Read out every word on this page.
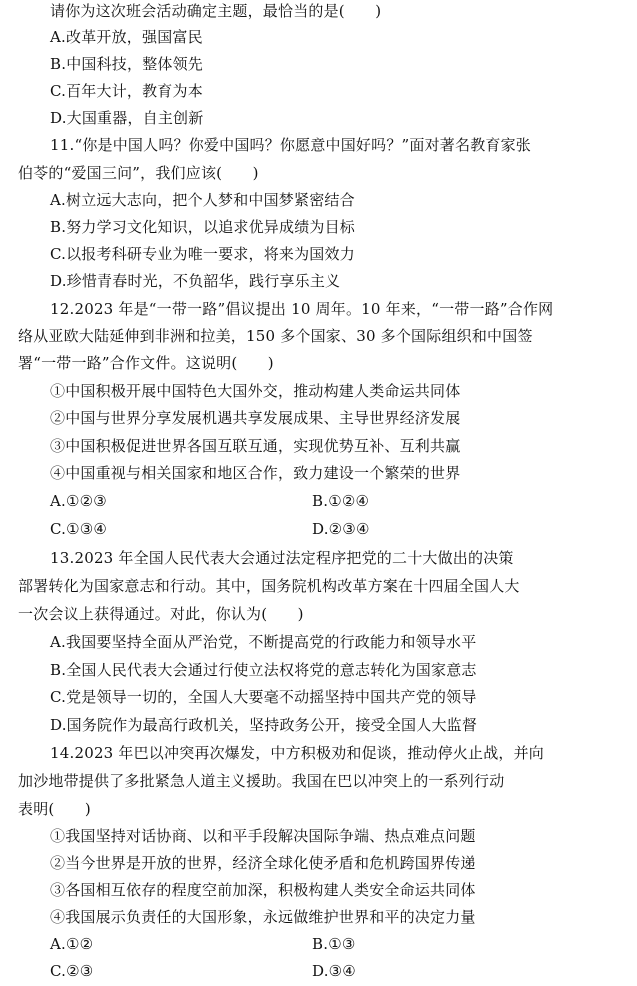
请你为这次班会活动确定主题，最恰当的是(　　)
A.改革开放，强国富民
B.中国科技，整体领先
C.百年大计，教育为本
D.大国重器，自主创新
11.“你是中国人吗？你爱中国吗？你愿意中国好吗？”面对著名教育家张
伯苓的“爱国三问”，我们应该(　　)
A.树立远大志向，把个人梦和中国梦紧密结合
B.努力学习文化知识，以追求优异成绩为目标
C.以报考科研专业为唯一要求，将来为国效力
D.珍惜青春时光，不负韶华，践行享乐主义
12.2023 年是“一带一路”倡议提出 10 周年。10 年来，“一带一路”合作网
络从亚欧大陆延伸到非洲和拉美，150 多个国家、30 多个国际组织和中国签
署“一带一路”合作文件。这说明(　　)
①中国积极开展中国特色大国外交，推动构建人类命运共同体
②中国与世界分享发展机遇共享发展成果、主导世界经济发展
③中国积极促进世界各国互联互通，实现优势互补、互利共赢
④中国重视与相关国家和地区合作，致力建设一个繁荣的世界
A.①②③	B.①②④
C.①③④	D.②③④
13.2023 年全国人民代表大会通过法定程序把党的二十大做出的决策
部署转化为国家意志和行动。其中，国务院机构改革方案在十四届全国人大
一次会议上获得通过。对此，你认为(　　)
A.我国要坚持全面从严治党，不断提高党的行政能力和领导水平
B.全国人民代表大会通过行使立法权将党的意志转化为国家意志
C.党是领导一切的，全国人大要毫不动摇坚持中国共产党的领导
D.国务院作为最高行政机关，坚持政务公开，接受全国人大监督
14.2023 年巴以冲突再次爆发，中方积极劝和促谈，推动停火止战，并向
加沙地带提供了多批紧急人道主义援助。我国在巴以冲突上的一系列行动
表明(　　)
①我国坚持对话协商、以和平手段解决国际争端、热点难点问题
②当今世界是开放的世界，经济全球化使矛盾和危机跨国界传递
③各国相互依存的程度空前加深，积极构建人类安全命运共同体
④我国展示负责任的大国形象，永远做维护世界和平的决定力量
A.①②	B.①③
C.②③	D.③④
